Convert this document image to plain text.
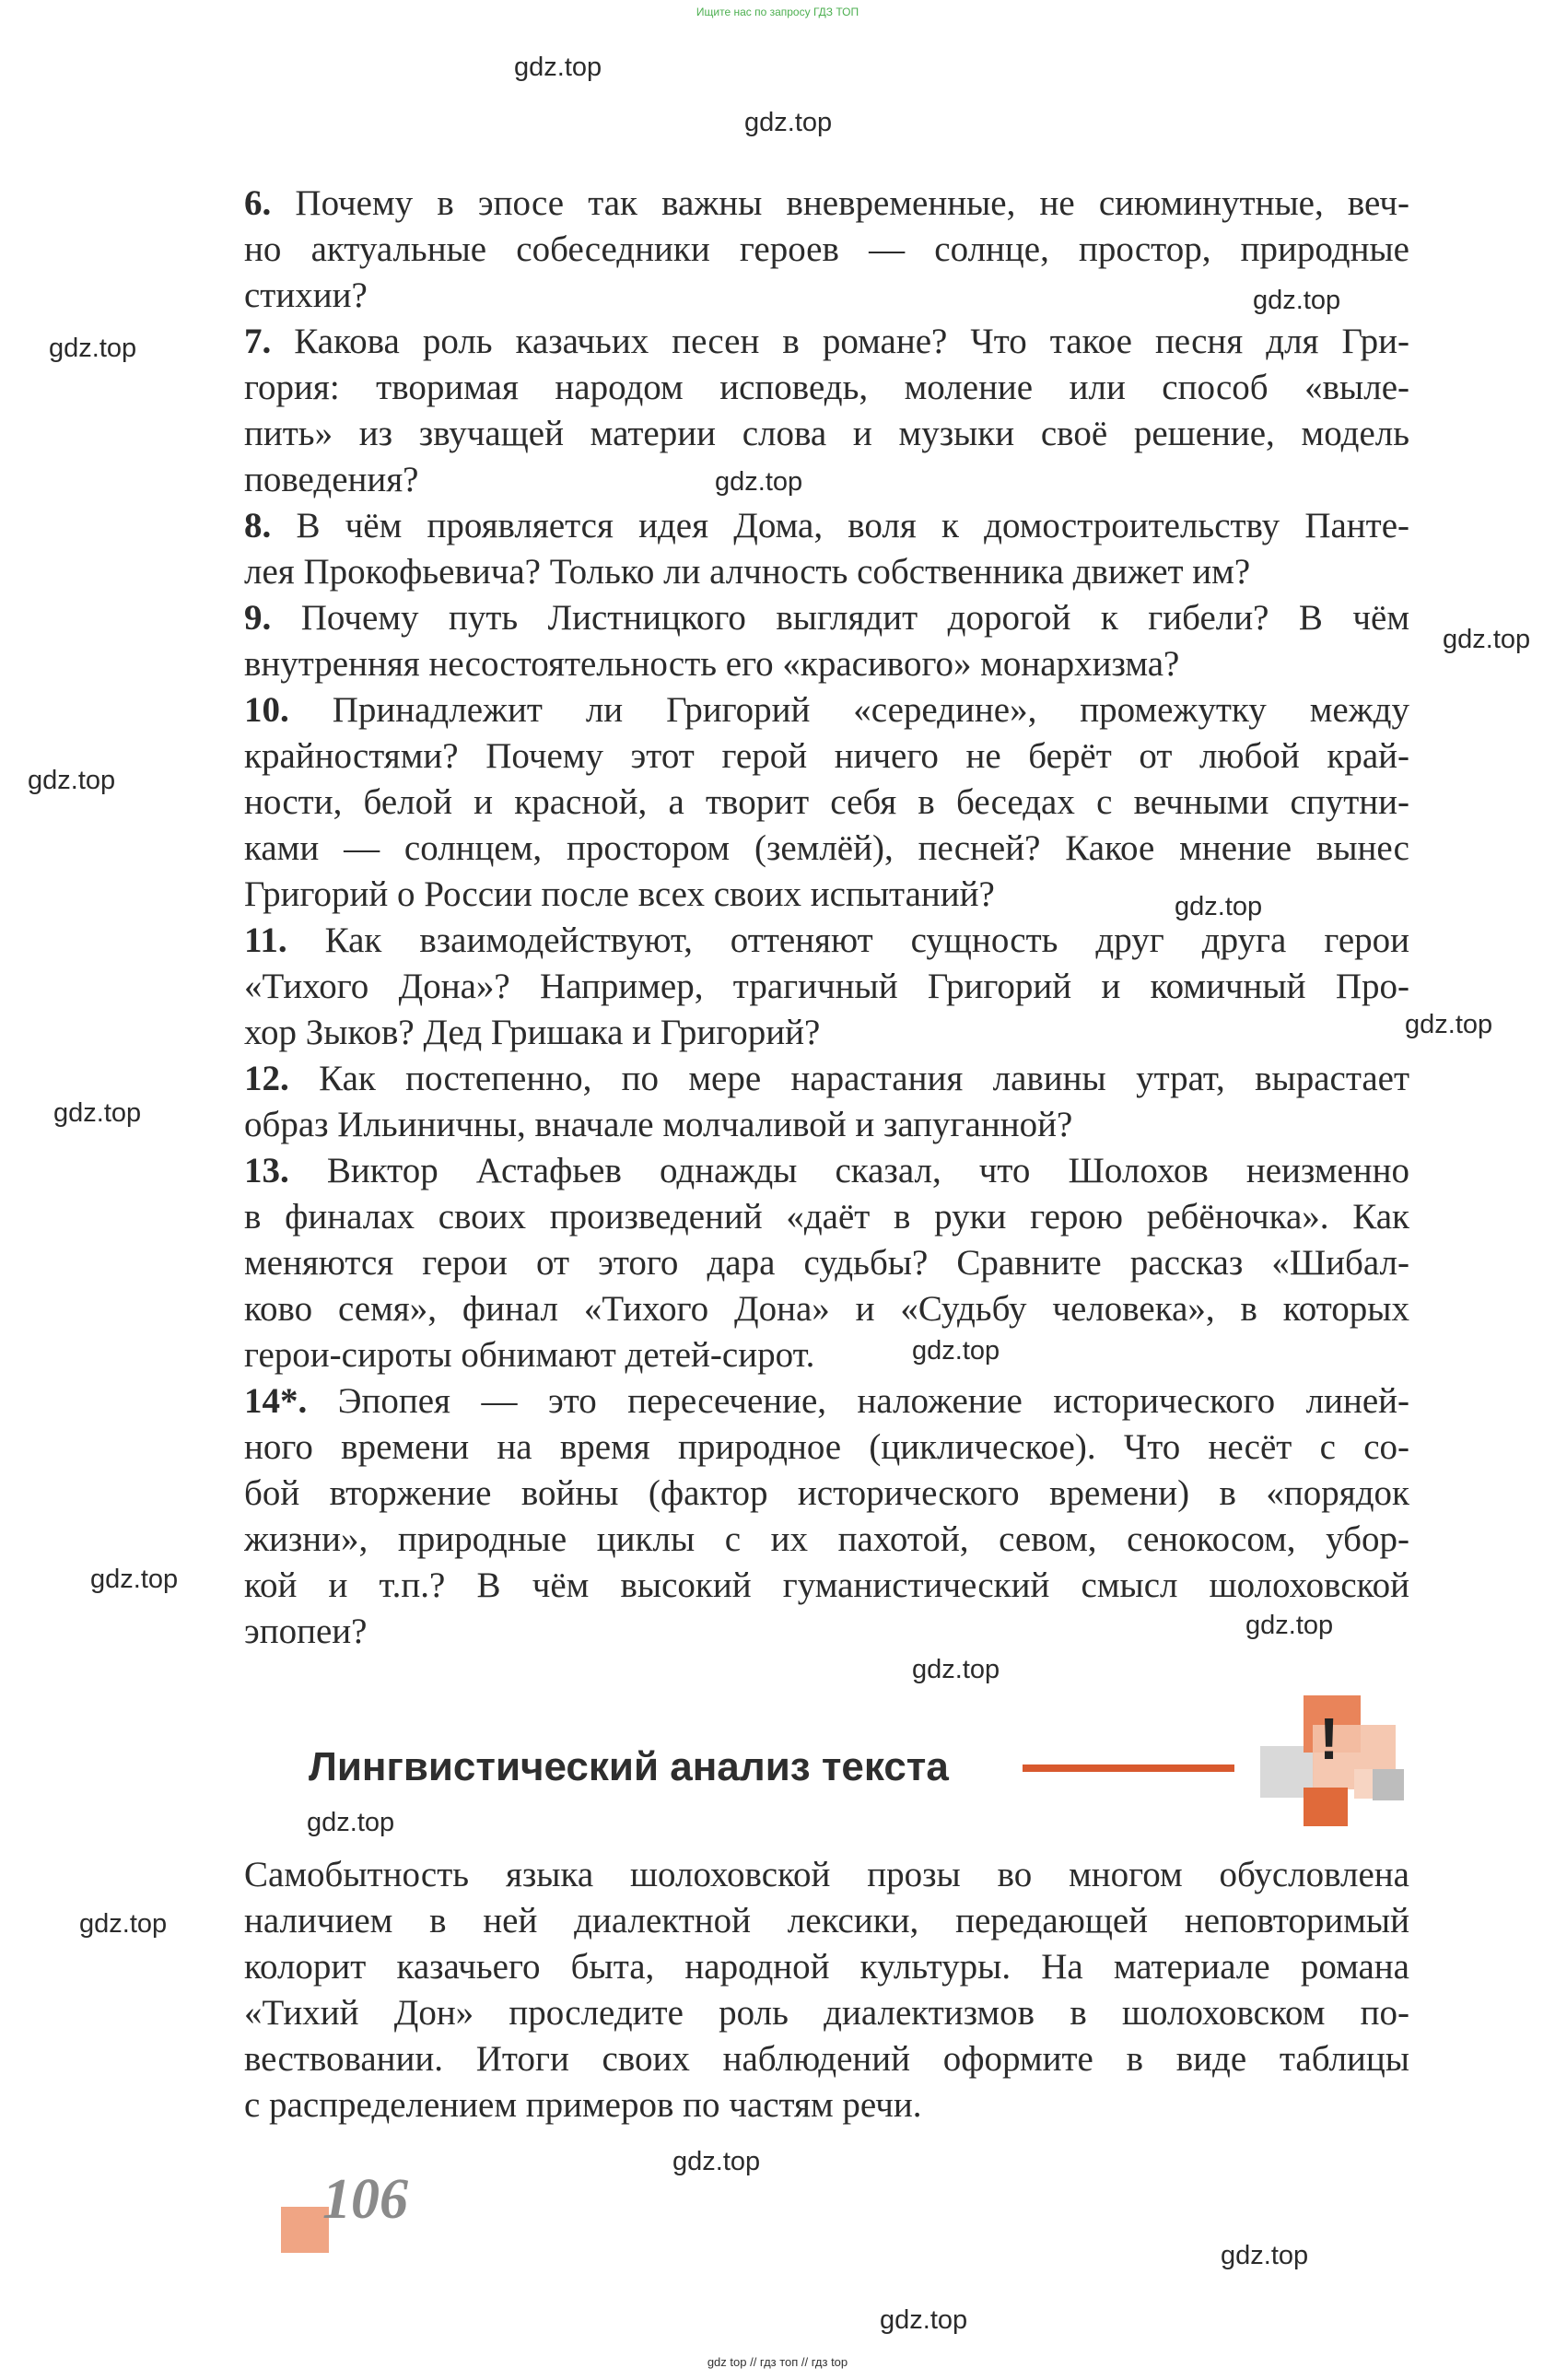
Ищите нас по запросу ГДЗ ТОП
gdz.top
gdz.top
gdz.top
gdz.top
gdz.top
gdz.top
gdz.top
gdz.top
gdz.top
gdz.top
gdz.top
gdz.top
gdz.top
gdz.top
gdz.top
gdz.top
gdz.top
gdz.top
gdz.top
6. Почему в эпосе так важны вневременные, не сиюминутные, веч-
но актуальные собеседники героев — солнце, простор, природные
стихии?
7. Какова роль казачьих песен в романе? Что такое песня для Гри-
гория: творимая народом исповедь, моление или способ «выле-
пить» из звучащей материи слова и музыки своё решение, модель
поведения?
8. В чём проявляется идея Дома, воля к домостроительству Панте-
лея Прокофьевича? Только ли алчность собственника движет им?
9. Почему путь Листницкого выглядит дорогой к гибели? В чём
внутренняя несостоятельность его «красивого» монархизма?
10. Принадлежит ли Григорий «середине», промежутку между
крайностями? Почему этот герой ничего не берёт от любой край-
ности, белой и красной, а творит себя в беседах с вечными спутни-
ками — солнцем, простором (землёй), песней? Какое мнение вынес
Григорий о России после всех своих испытаний?
11. Как взаимодействуют, оттеняют сущность друг друга герои
«Тихого Дона»? Например, трагичный Григорий и комичный Про-
хор Зыков? Дед Гришака и Григорий?
12. Как постепенно, по мере нарастания лавины утрат, вырастает
образ Ильиничны, вначале молчаливой и запуганной?
13. Виктор Астафьев однажды сказал, что Шолохов неизменно
в финалах своих произведений «даёт в руки герою ребёночка». Как
меняются герои от этого дара судьбы? Сравните рассказ «Шибал-
ково семя», финал «Тихого Дона» и «Судьбу человека», в которых
герои-сироты обнимают детей-сирот.
14*. Эпопея — это пересечение, наложение исторического линей-
ного времени на время природное (циклическое). Что несёт с со-
бой вторжение войны (фактор исторического времени) в «порядок
жизни», природные циклы с их пахотой, севом, сенокосом, убор-
кой и т.п.? В чём высокий гуманистический смысл шолоховской
эпопеи?
Лингвистический анализ текста	!
Самобытность языка шолоховской прозы во многом обусловлена
наличием в ней диалектной лексики, передающей неповторимый
колорит казачьего быта, народной культуры. На материале романа
«Тихий Дон» проследите роль диалектизмов в шолоховском по-
вествовании. Итоги своих наблюдений оформите в виде таблицы
с распределением примеров по частям речи.
106
gdz top // гдз топ // гдз top
